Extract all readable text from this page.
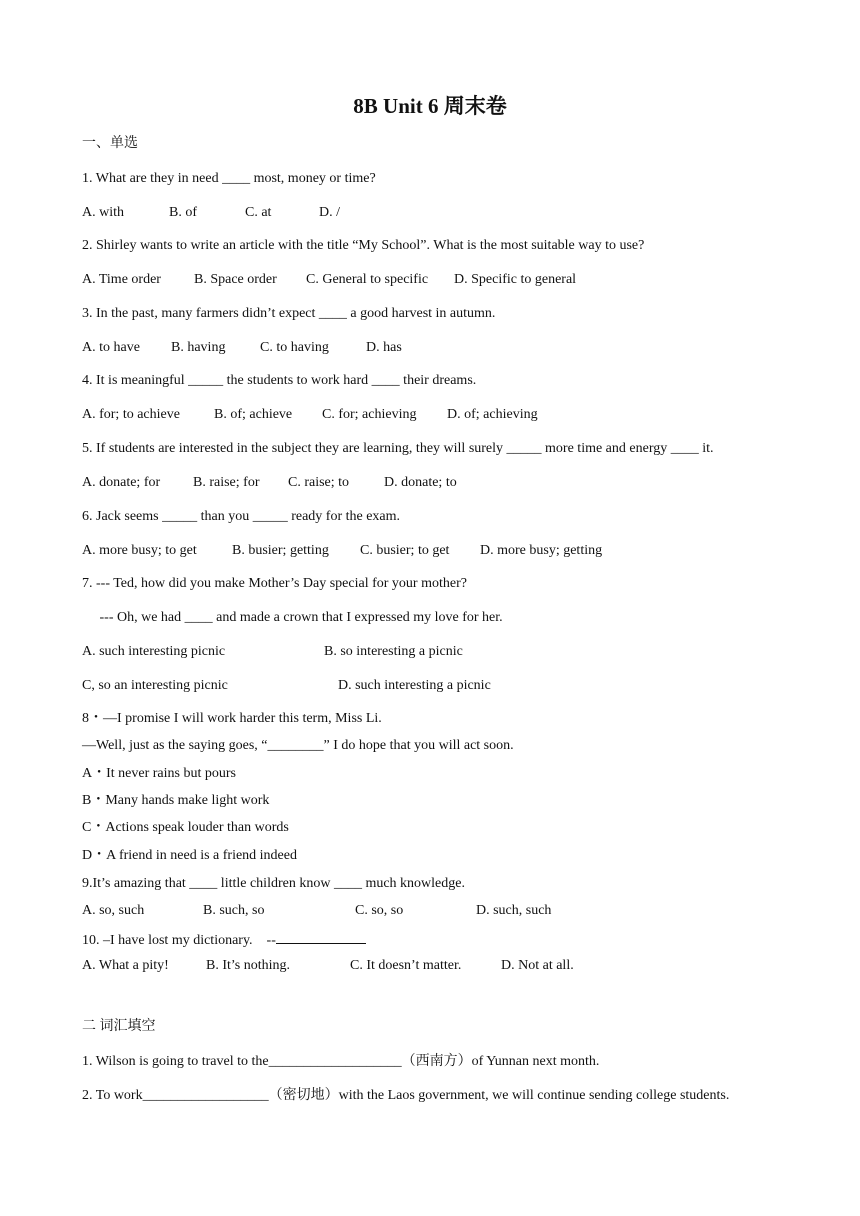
8B Unit 6 周末卷
一、单选
1. What are they in need ____ most, money or time?
A. with	B. of	C. at	D. /
2. Shirley wants to write an article with the title “My School”. What is the most suitable way to use?
A. Time order B. Space order C. General to specific D. Specific to general
3. In the past, many farmers didn’t expect ____ a good harvest in autumn.
A. to have B. having C. to having	D. has
4. It is meaningful _____ the students to work hard ____ their dreams.
A. for; to achieve B. of; achieve C. for; achieving D. of; achieving
5. If students are interested in the subject they are learning, they will surely _____ more time and energy ____ it.
A. donate; for B. raise; for C. raise; to D. donate; to
6. Jack seems _____ than you _____ ready for the exam.
A. more busy; to get	B. busier; getting C. busier; to get D. more busy; getting
7. --- Ted, how did you make Mother’s Day special for your mother?
--- Oh, we had ____ and made a crown that I expressed my love for her.
A. such interesting picnic	B. so interesting a picnic
C, so an interesting picnic	D. such interesting a picnic
8・—I promise I will work harder this term, Miss Li.
—Well, just as the saying goes, “________” I do hope that you will act soon.
A・It never rains but pours
B・Many hands make light work
C・Actions speak louder than words
D・A friend in need is a friend indeed
9.It’s amazing that ____ little children know ____ much knowledge.
A. so, such	B. such, so	C. so, so	D. such, such
10. –I have lost my dictionary.    --
A. What a pity!	B. It’s nothing.	C. It doesn’t matter.	D. Not at all.
二 词汇填空
1. Wilson is going to travel to the___________________（西南方）of Yunnan next month.
2. To work__________________（密切地）with the Laos government, we will continue sending college students.
